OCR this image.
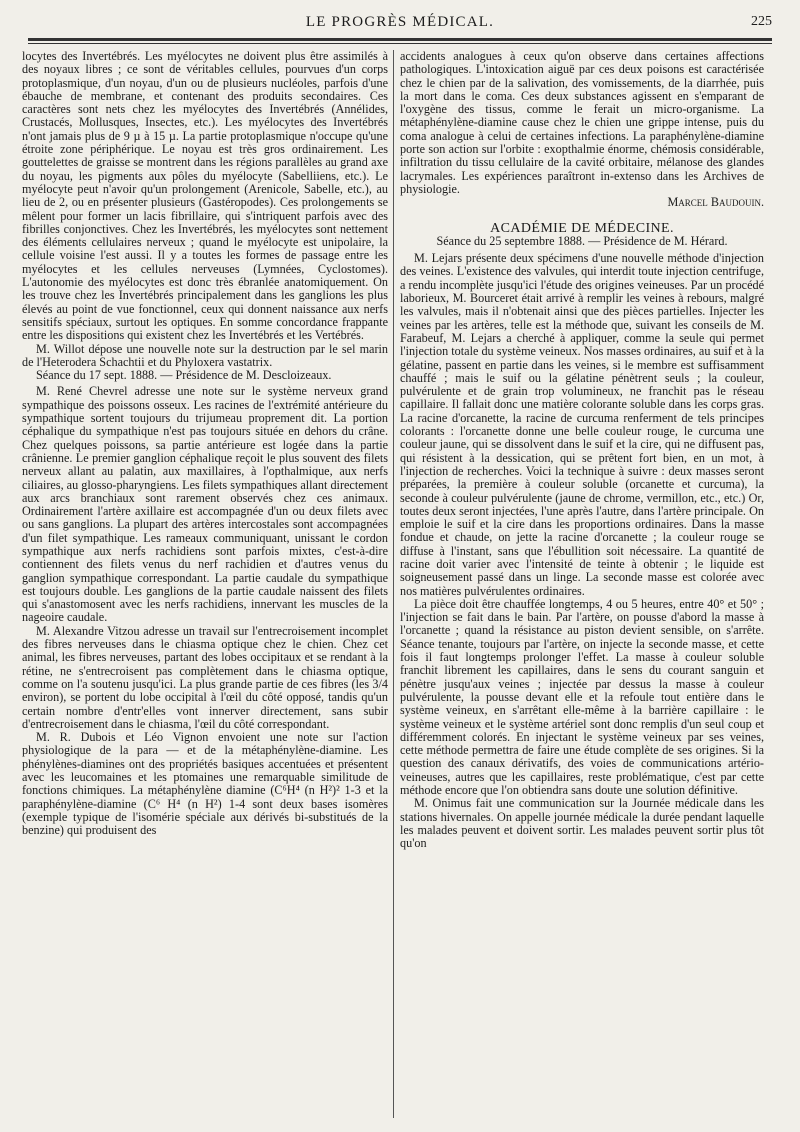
LE PROGRÈS MÉDICAL.	225

locytes des Invertébrés. Les myélocytes ne doivent plus être assimilés à des noyaux libres ; ce sont de véritables cellules, pourvues d'un corps protoplasmique, d'un noyau, d'un ou de plusieurs nucléoles, parfois d'une ébauche de membrane, et contenant des produits secondaires. Ces caractères sont nets chez les myélocytes des Invertébrés (Annélides, Crustacés, Mollusques, Insectes, etc.). Les myélocytes des Invertébrés n'ont jamais plus de 9 µ à 15 µ. La partie protoplasmique n'occupe qu'une étroite zone périphérique. Le noyau est très gros ordinairement. Les gouttelettes de graisse se montrent dans les régions parallèles au grand axe du noyau, les pigments aux pôles du myélocyte (Sabelliiens, etc.). Le myélocyte peut n'avoir qu'un prolongement (Arenicole, Sabelle, etc.), au lieu de 2, ou en présenter plusieurs (Gastéropodes). Ces prolongements se mêlent pour former un lacis fibrillaire, qui s'intriquent parfois avec des fibrilles conjonctives. Chez les Invertébrés, les myélocytes sont nettement des éléments cellulaires nerveux ; quand le myélocyte est unipolaire, la cellule voisine l'est aussi. Il y a toutes les formes de passage entre les myélocytes et les cellules nerveuses (Lymnées, Cyclostomes). L'autonomie des myélocytes est donc très ébranlée anatomiquement. On les trouve chez les Invertébrés principalement dans les ganglions les plus élevés au point de vue fonctionnel, ceux qui donnent naissance aux nerfs sensitifs spéciaux, surtout les optiques. En somme concordance frappante entre les dispositions qui existent chez les Invertébrés et les Vertébrés.

M. Willot dépose une nouvelle note sur la destruction par le sel marin de l'Heterodera Schachtii et du Phyloxera vastatrix.

Séance du 17 sept. 1888. — Présidence de M. Descloizeaux.

M. René Chevrel adresse une note sur le système nerveux grand sympathique des poissons osseux. Les racines de l'extrémité antérieure du sympathique sortent toujours du trijumeau proprement dit. La portion céphalique du sympathique n'est pas toujours située en dehors du crâne. Chez quelques poissons, sa partie antérieure est logée dans la partie crânienne. Le premier ganglion céphalique reçoit le plus souvent des filets nerveux allant au palatin, aux maxillaires, à l'opthalmique, aux nerfs ciliaires, au glosso-pharyngiens. Les filets sympathiques allant directement aux arcs branchiaux sont rarement observés chez ces animaux. Ordinairement l'artère axillaire est accompagnée d'un ou deux filets avec ou sans ganglions. La plupart des artères intercostales sont accompagnées d'un filet sympathique. Les rameaux communiquant, unissant le cordon sympathique aux nerfs rachidiens sont parfois mixtes, c'est-à-dire contiennent des filets venus du nerf rachidien et d'autres venus du ganglion sympathique correspondant. La partie caudale du sympathique est toujours double. Les ganglions de la partie caudale naissent des filets qui s'anastomosent avec les nerfs rachidiens, innervant les muscles de la nageoire caudale.

M. Alexandre Vitzou adresse un travail sur l'entrecroisement incomplet des fibres nerveuses dans le chiasma optique chez le chien. Chez cet animal, les fibres nerveuses, partant des lobes occipitaux et se rendant à la rétine, ne s'entrecroisent pas complètement dans le chiasma optique, comme on l'a soutenu jusqu'ici. La plus grande partie de ces fibres (les 3/4 environ), se portent du lobe occipital à l'œil du côté opposé, tandis qu'un certain nombre d'entr'elles vont innerver directement, sans subir d'entrecroisement dans le chiasma, l'œil du côté correspondant.

M. R. Dubois et Léo Vignon envoient une note sur l'action physiologique de la para — et de la métaphénylène-diamine. Les phénylènes-diamines ont des propriétés basiques accentuées et présentent avec les leucomaines et les ptomaines une remarquable similitude de fonctions chimiques. La métaphénylène diamine (C⁶H⁴ (n H²)² 1-3 et la paraphénylène-diamine (C⁶ H⁴ (n H²) 1-4 sont deux bases isomères (exemple typique de l'isomérie spéciale aux dérivés bi-substitués de la benzine) qui produisent des

accidents analogues à ceux qu'on observe dans certaines affections pathologiques. L'intoxication aiguë par ces deux poisons est caractérisée chez le chien par de la salivation, des vomissements, de la diarrhée, puis la mort dans le coma. Ces deux substances agissent en s'emparant de l'oxygène des tissus, comme le ferait un micro-organisme. La métaphénylène-diamine cause chez le chien une grippe intense, puis du coma analogue à celui de certaines infections. La paraphénylène-diamine porte son action sur l'orbite : exopthalmie énorme, chémosis considérable, infiltration du tissu cellulaire de la cavité orbitaire, mélanose des glandes lacrymales. Les expériences paraîtront in-extenso dans les Archives de physiologie.

Marcel Baudouin.

ACADÉMIE DE MÉDECINE.
Séance du 25 septembre 1888. — Présidence de M. Hérard.

M. Lejars présente deux spécimens d'une nouvelle méthode d'injection des veines. L'existence des valvules, qui interdit toute injection centrifuge, a rendu incomplète jusqu'ici l'étude des origines veineuses. Par un procédé laborieux, M. Bourceret était arrivé à remplir les veines à rebours, malgré les valvules, mais il n'obtenait ainsi que des pièces partielles. Injecter les veines par les artères, telle est la méthode que, suivant les conseils de M. Farabeuf, M. Lejars a cherché à appliquer, comme la seule qui permet l'injection totale du système veineux. Nos masses ordinaires, au suif et à la gélatine, passent en partie dans les veines, si le membre est suffisamment chauffé ; mais le suif ou la gélatine pénètrent seuls ; la couleur, pulvérulente et de grain trop volumineux, ne franchit pas le réseau capillaire. Il fallait donc une matière colorante soluble dans les corps gras. La racine d'orcanette, la racine de curcuma renferment de tels principes colorants : l'orcanette donne une belle couleur rouge, le curcuma une couleur jaune, qui se dissolvent dans le suif et la cire, qui ne diffusent pas, qui résistent à la dessication, qui se prêtent fort bien, en un mot, à l'injection de recherches. Voici la technique à suivre : deux masses seront préparées, la première à couleur soluble (orcanette et curcuma), la seconde à couleur pulvérulente (jaune de chrome, vermillon, etc., etc.) Or, toutes deux seront injectées, l'une après l'autre, dans l'artère principale. On emploie le suif et la cire dans les proportions ordinaires. Dans la masse fondue et chaude, on jette la racine d'orcanette ; la couleur rouge se diffuse à l'instant, sans que l'ébullition soit nécessaire. La quantité de racine doit varier avec l'intensité de teinte à obtenir ; le liquide est soigneusement passé dans un linge. La seconde masse est colorée avec nos matières pulvérulentes ordinaires.

La pièce doit être chauffée longtemps, 4 ou 5 heures, entre 40° et 50° ; l'injection se fait dans le bain. Par l'artère, on pousse d'abord la masse à l'orcanette ; quand la résistance au piston devient sensible, on s'arrête. Séance tenante, toujours par l'artère, on injecte la seconde masse, et cette fois il faut longtemps prolonger l'effet. La masse à couleur soluble franchit librement les capillaires, dans le sens du courant sanguin et pénètre jusqu'aux veines ; injectée par dessus la masse à couleur pulvérulente, la pousse devant elle et la refoule tout entière dans le système veineux, en s'arrêtant elle-même à la barrière capillaire : le système veineux et le système artériel sont donc remplis d'un seul coup et différemment colorés. En injectant le système veineux par ses veines, cette méthode permettra de faire une étude complète de ses origines. Si la question des canaux dérivatifs, des voies de communications artério-veineuses, autres que les capillaires, reste problématique, c'est par cette méthode encore que l'on obtiendra sans doute une solution définitive.

M. Onimus fait une communication sur la Journée médicale dans les stations hivernales. On appelle journée médicale la durée pendant laquelle les malades peuvent et doivent sortir. Les malades peuvent sortir plus tôt qu'on
